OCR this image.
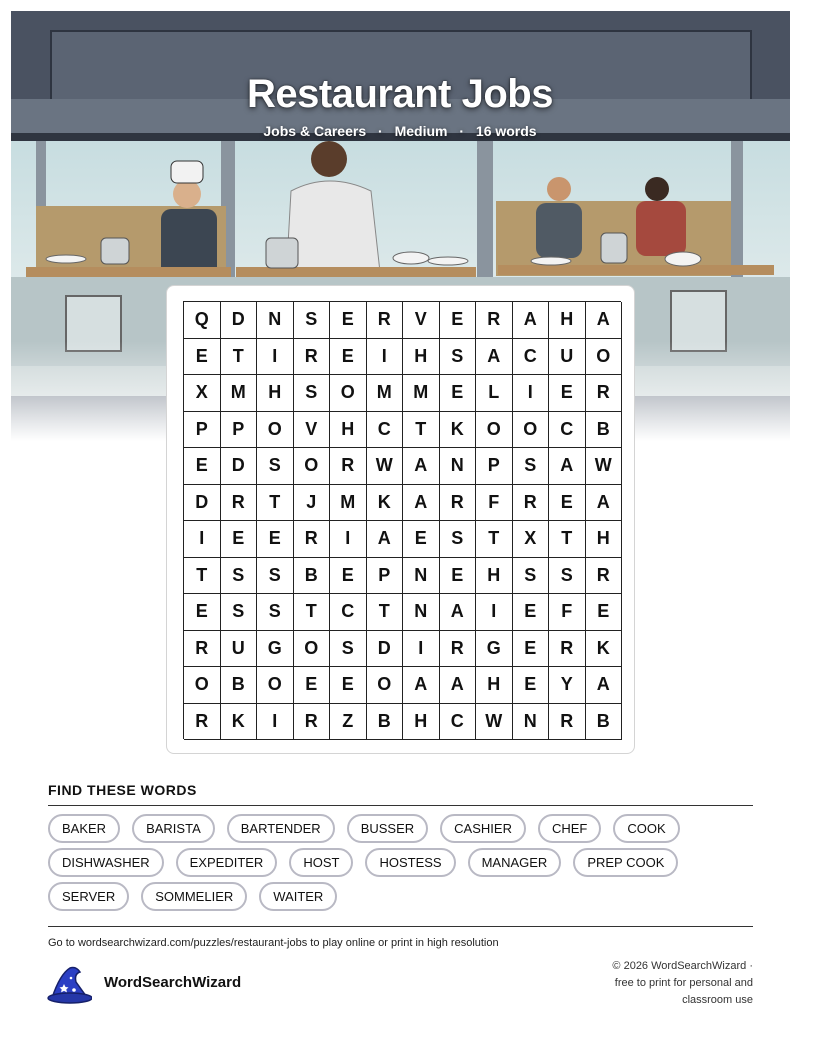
Restaurant Jobs
Jobs & Careers · Medium · 16 words
Q	D	N	S	E	R	V	E	R	A	H	A
E	T	I	R	E	I	H	S	A	C	U	O
X	M	H	S	O	M	M	E	L	I	E	R
P	P	O	V	H	C	T	K	O	O	C	B
E	D	S	O	R	W	A	N	P	S	A	W
D	R	T	J	M	K	A	R	F	R	E	A
I	E	E	R	I	A	E	S	T	X	T	H
T	S	S	B	E	P	N	E	H	S	S	R
E	S	S	T	C	T	N	A	I	E	F	E
R	U	G	O	S	D	I	R	G	E	R	K
O	B	O	E	E	O	A	A	H	E	Y	A
R	K	I	R	Z	B	H	C	W	N	R	B
FIND THESE WORDS
BAKER	BARISTA	BARTENDER	BUSSER	CASHIER	CHEF	COOK
DISHWASHER	EXPEDITER	HOST	HOSTESS	MANAGER	PREP COOK
SERVER	SOMMELIER	WAITER
Go to wordsearchwizard.com/puzzles/restaurant-jobs to play online or print in high resolution
WordSearchWizard
© 2026 WordSearchWizard ·
free to print for personal and
classroom use
